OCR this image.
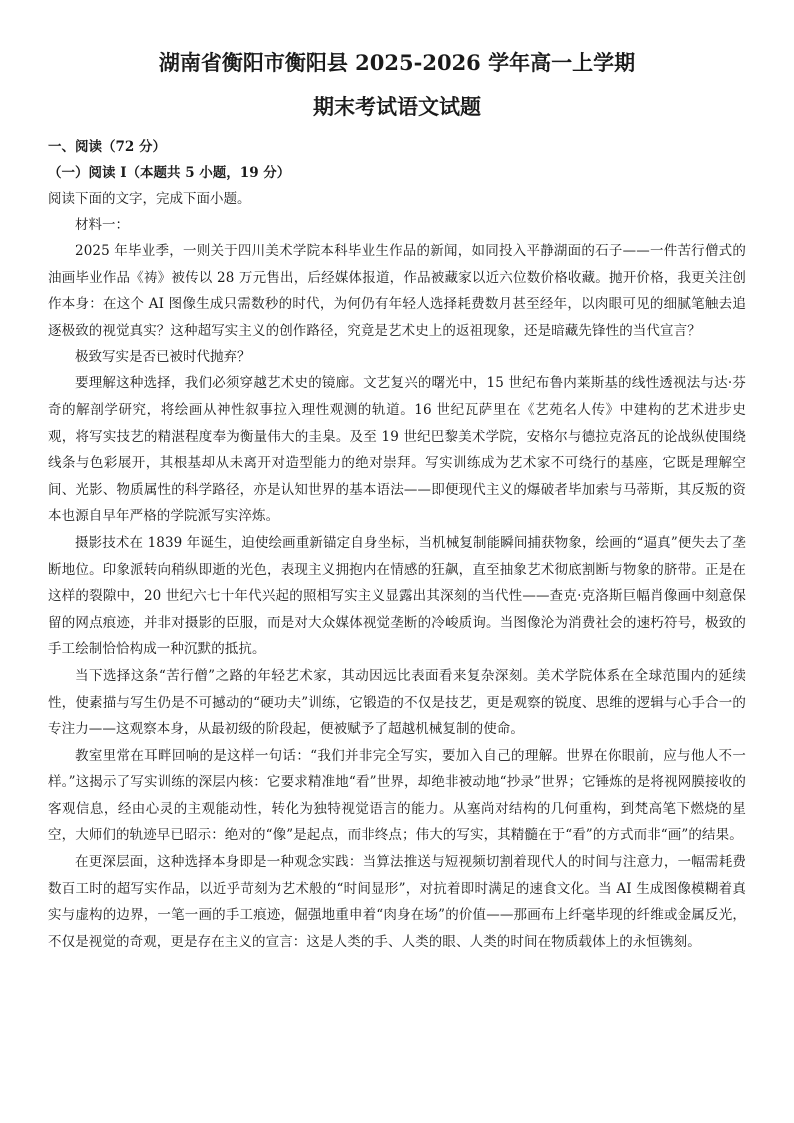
湖南省衡阳市衡阳县 2025-2026 学年高一上学期
期末考试语文试题

一、阅读（72 分）

（一）阅读 I（本题共 5 小题，19 分）

阅读下面的文字，完成下面小题。

材料一：

2025 年毕业季，一则关于四川美术学院本科毕业生作品的新闻，如同投入平静湖面的石子——一件苦行僧式的油画毕业作品《祷》被传以 28 万元售出，后经媒体报道，作品被藏家以近六位数价格收藏。抛开价格，我更关注创作本身：在这个 AI 图像生成只需数秒的时代，为何仍有年轻人选择耗费数月甚至经年，以肉眼可见的细腻笔触去追逐极致的视觉真实？这种超写实主义的创作路径，究竟是艺术史上的返祖现象，还是暗藏先锋性的当代宣言？

极致写实是否已被时代抛弃？

要理解这种选择，我们必须穿越艺术史的镜廊。文艺复兴的曙光中，15 世纪布鲁内莱斯基的线性透视法与达·芬奇的解剖学研究，将绘画从神性叙事拉入理性观测的轨道。16 世纪瓦萨里在《艺苑名人传》中建构的艺术进步史观，将写实技艺的精湛程度奉为衡量伟大的圭臬。及至 19 世纪巴黎美术学院，安格尔与德拉克洛瓦的论战纵使围绕线条与色彩展开，其根基却从未离开对造型能力的绝对崇拜。写实训练成为艺术家不可绕行的基座，它既是理解空间、光影、物质属性的科学路径，亦是认知世界的基本语法——即便现代主义的爆破者毕加索与马蒂斯，其反叛的资本也源自早年严格的学院派写实淬炼。

摄影技术在 1839 年诞生，迫使绘画重新锚定自身坐标，当机械复制能瞬间捕获物象，绘画的“逼真”便失去了垄断地位。印象派转向稍纵即逝的光色，表现主义拥抱内在情感的狂飙，直至抽象艺术彻底割断与物象的脐带。正是在这样的裂隙中，20 世纪六七十年代兴起的照相写实主义显露出其深刻的当代性——查克·克洛斯巨幅肖像画中刻意保留的网点痕迹，并非对摄影的臣服，而是对大众媒体视觉垄断的冷峻质询。当图像沦为消费社会的速朽符号，极致的手工绘制恰恰构成一种沉默的抵抗。

当下选择这条“苦行僧”之路的年轻艺术家，其动因远比表面看来复杂深刻。美术学院体系在全球范围内的延续性，使素描与写生仍是不可撼动的“硬功夫”训练，它锻造的不仅是技艺，更是观察的锐度、思维的逻辑与心手合一的专注力——这观察本身，从最初级的阶段起，便被赋予了超越机械复制的使命。

教室里常在耳畔回响的是这样一句话：“我们并非完全写实，要加入自己的理解。世界在你眼前，应与他人不一样。”这揭示了写实训练的深层内核：它要求精准地“看”世界，却绝非被动地“抄录”世界；它锤炼的是将视网膜接收的客观信息，经由心灵的主观能动性，转化为独特视觉语言的能力。从塞尚对结构的几何重构，到梵高笔下燃烧的星空，大师们的轨迹早已昭示：绝对的“像”是起点，而非终点；伟大的写实，其精髓在于“看”的方式而非“画”的结果。

在更深层面，这种选择本身即是一种观念实践：当算法推送与短视频切割着现代人的时间与注意力，一幅需耗费数百工时的超写实作品，以近乎苛刻为艺术般的“时间显形”，对抗着即时满足的速食文化。当 AI 生成图像模糊着真实与虚构的边界，一笔一画的手工痕迹，倔强地重申着“肉身在场”的价值——那画布上纤毫毕现的纤维或金属反光，不仅是视觉的奇观，更是存在主义的宣言：这是人类的手、人类的眼、人类的时间在物质载体上的永恒镌刻。
